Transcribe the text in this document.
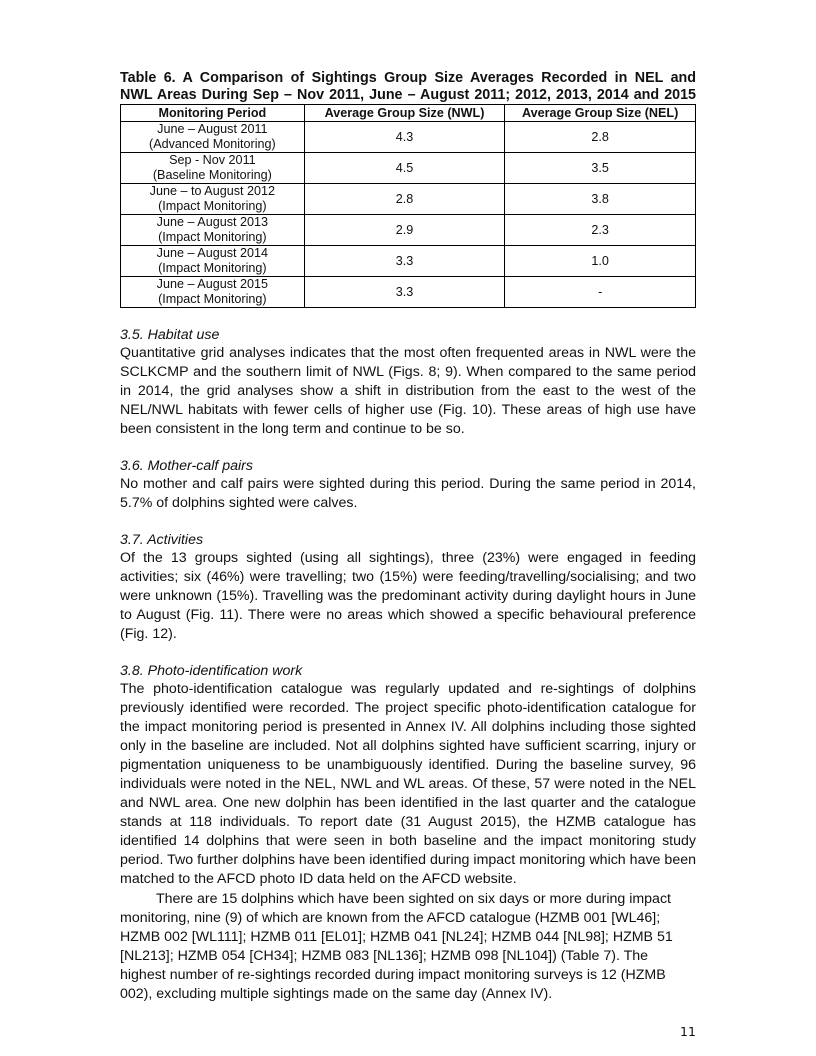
Table 6. A Comparison of Sightings Group Size Averages Recorded in NEL and
NWL Areas During Sep – Nov 2011, June – August 2011; 2012, 2013, 2014 and 2015

Monitoring Period	Average Group Size (NWL)	Average Group Size (NEL)

June – August 2011
(Advanced Monitoring)	4.3	2.8

Sep - Nov 2011
(Baseline Monitoring)	4.5	3.5

June – to August 2012
(Impact Monitoring)	2.8	3.8

June – August 2013
(Impact Monitoring)	2.9	2.3

June – August 2014
(Impact Monitoring)	3.3	1.0

June – August 2015
(Impact Monitoring)	3.3	-
3.5. Habitat use

Quantitative grid analyses indicates that the most often frequented areas in NWL were the SCLKCMP and the southern limit of NWL (Figs. 8; 9). When compared to the same period in 2014, the grid analyses show a shift in distribution from the east to the west of the NEL/NWL habitats with fewer cells of higher use (Fig. 10). These areas of high use have been consistent in the long term and continue to be so.

3.6. Mother-calf pairs

No mother and calf pairs were sighted during this period. During the same period in 2014, 5.7% of dolphins sighted were calves.

3.7. Activities

Of the 13 groups sighted (using all sightings), three (23%) were engaged in feeding activities; six (46%) were travelling; two (15%) were feeding/travelling/socialising; and two were unknown (15%). Travelling was the predominant activity during daylight hours in June to August (Fig. 11). There were no areas which showed a specific behavioural preference (Fig. 12).

3.8. Photo-identification work

The photo-identification catalogue was regularly updated and re-sightings of dolphins previously identified were recorded. The project specific photo-identification catalogue for the impact monitoring period is presented in Annex IV. All dolphins including those sighted only in the baseline are included. Not all dolphins sighted have sufficient scarring, injury or pigmentation uniqueness to be unambiguously identified. During the baseline survey, 96 individuals were noted in the NEL, NWL and WL areas. Of these, 57 were noted in the NEL and NWL area. One new dolphin has been identified in the last quarter and the catalogue stands at 118 individuals. To report date (31 August 2015), the HZMB catalogue has identified 14 dolphins that were seen in both baseline and the impact monitoring study period. Two further dolphins have been identified during impact monitoring which have been matched to the AFCD photo ID data held on the AFCD website.

There are 15 dolphins which have been sighted on six days or more during impact monitoring, nine (9) of which are known from the AFCD catalogue (HZMB 001 [WL46]; HZMB 002 [WL111]; HZMB 011 [EL01]; HZMB 041 [NL24]; HZMB 044 [NL98]; HZMB 51 [NL213]; HZMB 054 [CH34]; HZMB 083 [NL136]; HZMB 098 [NL104]) (Table 7). The highest number of re-sightings recorded during impact monitoring surveys is 12 (HZMB 002), excluding multiple sightings made on the same day (Annex IV).

11
